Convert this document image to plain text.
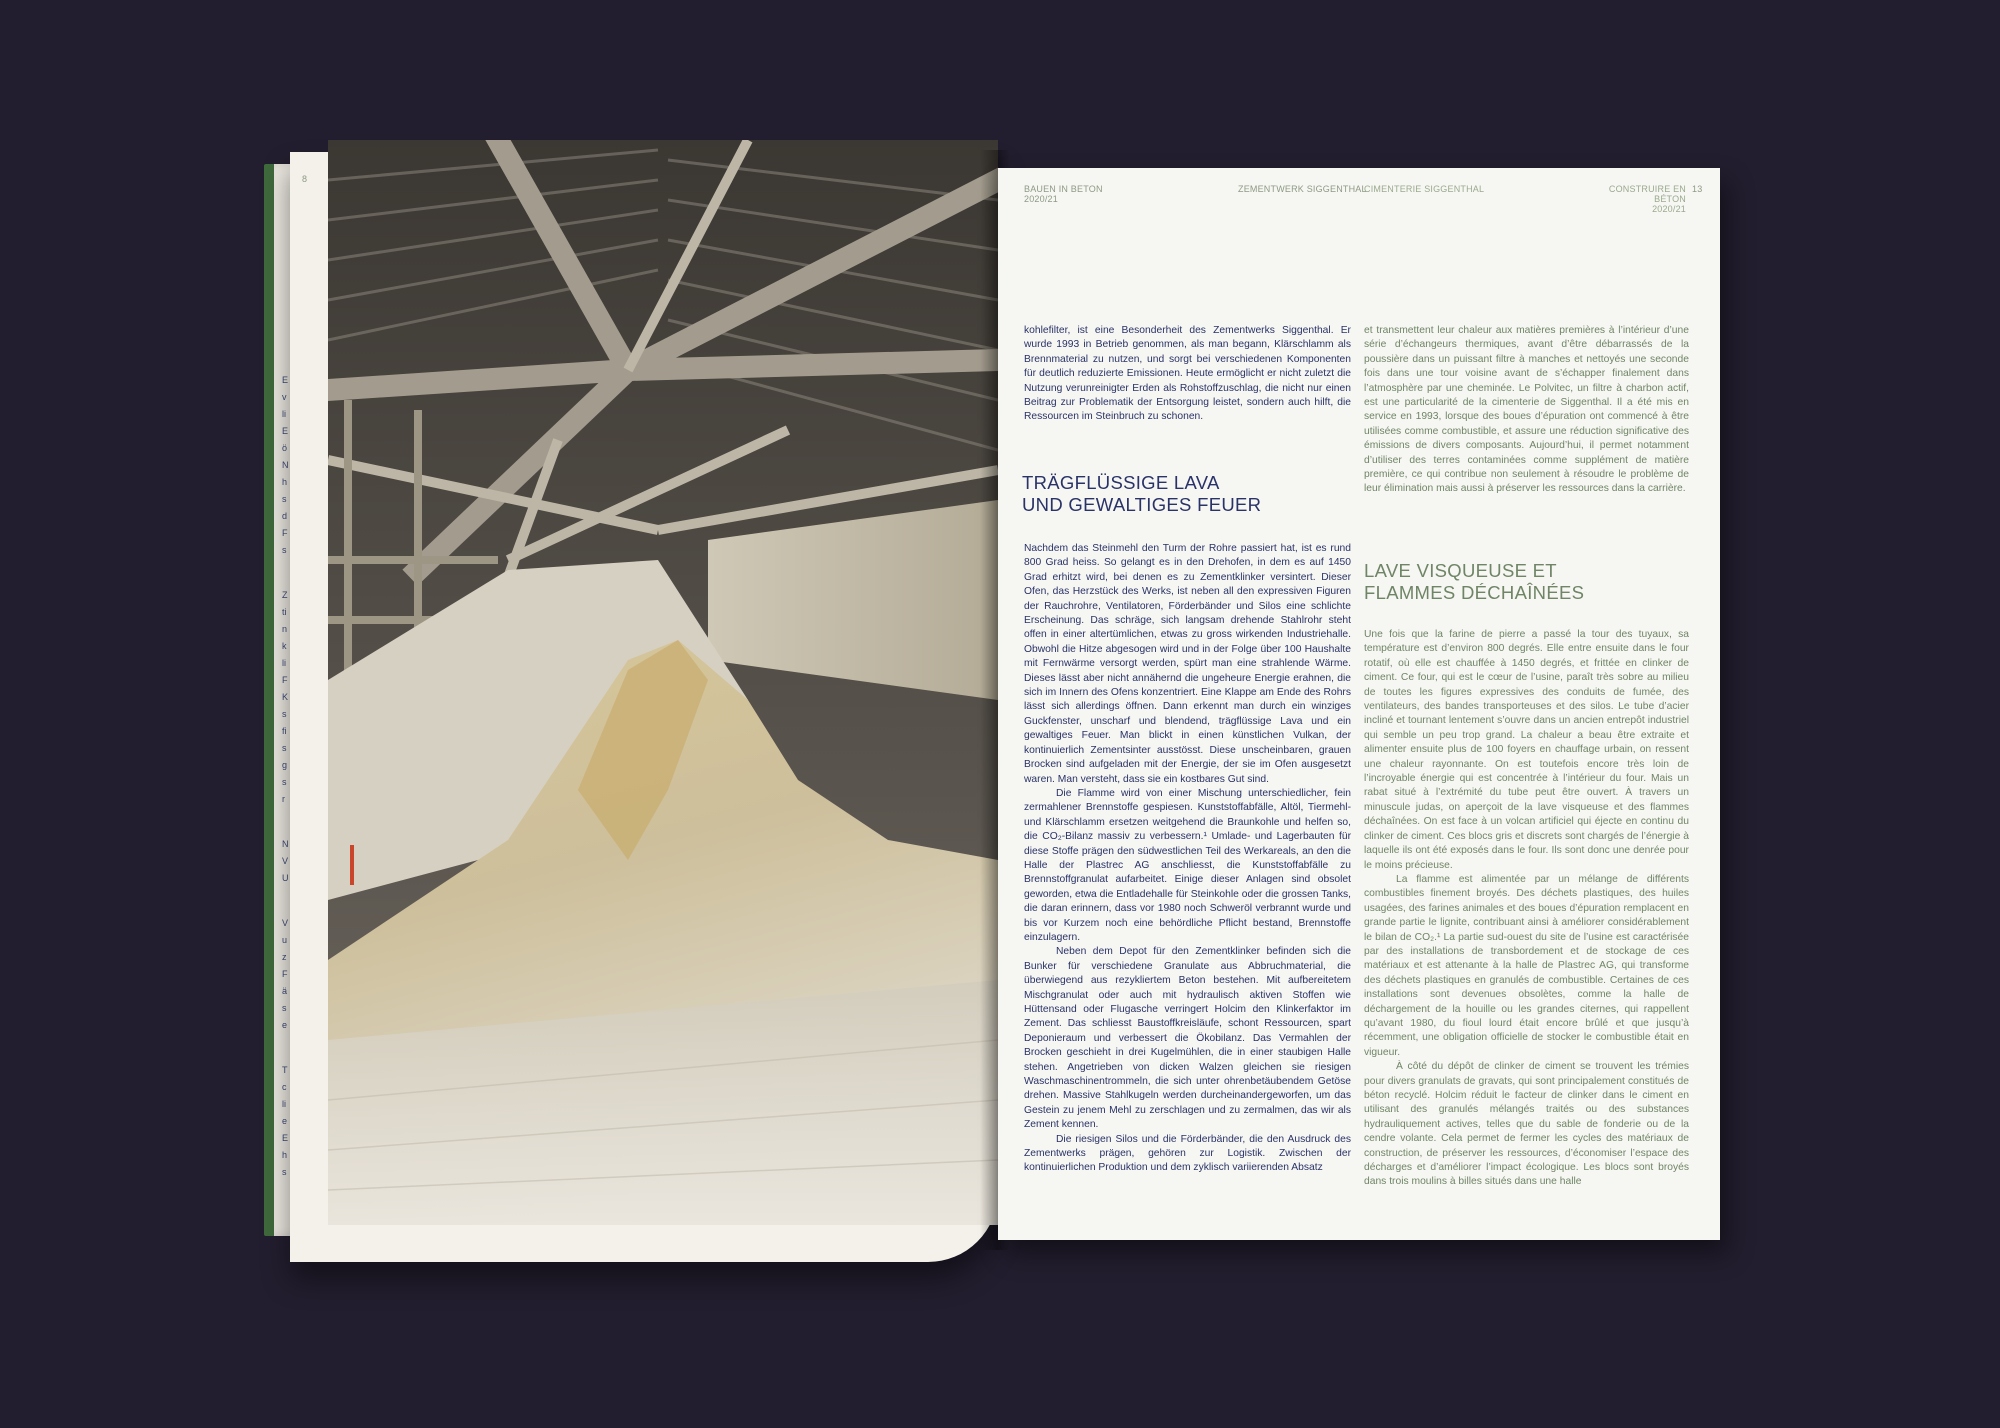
E
v
li
E
ö
N
h
s
d
F
s
Z
ti
n
k
li
F
K
s
fi
s
g
s
r
N
V
U
V
u
z
F
ä
s
e
T
c
li
e
E
h
s
BAUEN IN BETON
2020/21
ZEMENTWERK SIGGENTHAL
CIMENTERIE SIGGENTHAL	CONSTRUIRE EN BÉTON
2020/21
13

kohlefilter, ist eine Besonderheit des Zementwerks Siggenthal. Er wurde 1993 in Betrieb genommen, als man begann, Klärschlamm als Brennmaterial zu nutzen, und sorgt bei verschiedenen Komponenten für deutlich reduzierte Emissionen. Heute ermöglicht er nicht zuletzt die Nutzung verunreinigter Erden als Rohstoffzuschlag, die nicht nur einen Beitrag zur Problematik der Entsorgung leistet, sondern auch hilft, die Ressourcen im Steinbruch zu schonen.

TRÄGFLÜSSIGE LAVA
UND GEWALTIGES FEUER

Nachdem das Steinmehl den Turm der Rohre passiert hat, ist es rund 800 Grad heiss. So gelangt es in den Drehofen, in dem es auf 1450 Grad erhitzt wird, bei denen es zu Zementklinker versintert. Dieser Ofen, das Herzstück des Werks, ist neben all den expressiven Figuren der Rauchrohre, Ventilatoren, Förderbänder und Silos eine schlichte Erscheinung. Das schräge, sich langsam drehende Stahlrohr steht offen in einer altertümlichen, etwas zu gross wirkenden Industriehalle. Obwohl die Hitze abgesogen wird und in der Folge über 100 Haushalte mit Fernwärme versorgt werden, spürt man eine strahlende Wärme. Dieses lässt aber nicht annähernd die ungeheure Energie erahnen, die sich im Innern des Ofens konzentriert. Eine Klappe am Ende des Rohrs lässt sich allerdings öffnen. Dann erkennt man durch ein winziges Guckfenster, unscharf und blendend, trägflüssige Lava und ein gewaltiges Feuer. Man blickt in einen künstlichen Vulkan, der kontinuierlich Zementsinter ausstösst. Diese unscheinbaren, grauen Brocken sind aufgeladen mit der Energie, der sie im Ofen ausgesetzt waren. Man versteht, dass sie ein kostbares Gut sind.

Die Flamme wird von einer Mischung unterschiedlicher, fein zermahlener Brennstoffe gespiesen. Kunststoffabfälle, Altöl, Tiermehl- und Klärschlamm ersetzen weitgehend die Braunkohle und helfen so, die CO₂-Bilanz massiv zu verbessern.¹ Umlade- und Lagerbauten für diese Stoffe prägen den südwestlichen Teil des Werkareals, an den die Halle der Plastrec AG anschliesst, die Kunststoffabfälle zu Brennstoffgranulat aufarbeitet. Einige dieser Anlagen sind obsolet geworden, etwa die Entladehalle für Steinkohle oder die grossen Tanks, die daran erinnern, dass vor 1980 noch Schweröl verbrannt wurde und bis vor Kurzem noch eine behördliche Pflicht bestand, Brennstoffe einzulagern.

Neben dem Depot für den Zementklinker befinden sich die Bunker für verschiedene Granulate aus Abbruchmaterial, die überwiegend aus rezykliertem Beton bestehen. Mit aufbereitetem Mischgranulat oder auch mit hydraulisch aktiven Stoffen wie Hüttensand oder Flugasche verringert Holcim den Klinkerfaktor im Zement. Das schliesst Baustoffkreisläufe, schont Ressourcen, spart Deponieraum und verbessert die Ökobilanz. Das Vermahlen der Brocken geschieht in drei Kugelmühlen, die in einer staubigen Halle stehen. Angetrieben von dicken Walzen gleichen sie riesigen Waschmaschinentrommeln, die sich unter ohrenbetäubendem Getöse drehen. Massive Stahlkugeln werden durcheinandergeworfen, um das Gestein zu jenem Mehl zu zerschlagen und zu zermalmen, das wir als Zement kennen.

Die riesigen Silos und die Förderbänder, die den Ausdruck des Zementwerks prägen, gehören zur Logistik. Zwischen der kontinuierlichen Produktion und dem zyklisch variierenden Absatz

et transmettent leur chaleur aux matières premières à l’intérieur d’une série d’échangeurs thermiques, avant d’être débarrassés de la poussière dans un puissant filtre à manches et nettoyés une seconde fois dans une tour voisine avant de s’échapper finalement dans l’atmosphère par une cheminée. Le Polvitec, un filtre à charbon actif, est une particularité de la cimenterie de Siggenthal. Il a été mis en service en 1993, lorsque des boues d’épuration ont commencé à être utilisées comme combustible, et assure une réduction significative des émissions de divers composants. Aujourd’hui, il permet notamment d’utiliser des terres contaminées comme supplément de matière première, ce qui contribue non seulement à résoudre le problème de leur élimination mais aussi à préserver les ressources dans la carrière.

LAVE VISQUEUSE ET
FLAMMES DÉCHAÎNÉES

Une fois que la farine de pierre a passé la tour des tuyaux, sa température est d’environ 800 degrés. Elle entre ensuite dans le four rotatif, où elle est chauffée à 1450 degrés, et frittée en clinker de ciment. Ce four, qui est le cœur de l’usine, paraît très sobre au milieu de toutes les figures expressives des conduits de fumée, des ventilateurs, des bandes transporteuses et des silos. Le tube d’acier incliné et tournant lentement s’ouvre dans un ancien entrepôt industriel qui semble un peu trop grand. La chaleur a beau être extraite et alimenter ensuite plus de 100 foyers en chauffage urbain, on ressent une chaleur rayonnante. On est toutefois encore très loin de l’incroyable énergie qui est concentrée à l’intérieur du four. Mais un rabat situé à l’extrémité du tube peut être ouvert. À travers un minuscule judas, on aperçoit de la lave visqueuse et des flammes déchaînées. On est face à un volcan artificiel qui éjecte en continu du clinker de ciment. Ces blocs gris et discrets sont chargés de l’énergie à laquelle ils ont été exposés dans le four. Ils sont donc une denrée pour le moins précieuse.

La flamme est alimentée par un mélange de différents combustibles finement broyés. Des déchets plastiques, des huiles usagées, des farines animales et des boues d’épuration remplacent en grande partie le lignite, contribuant ainsi à améliorer considérablement le bilan de CO₂.¹ La partie sud-ouest du site de l’usine est caractérisée par des installations de transbordement et de stockage de ces matériaux et est attenante à la halle de Plastrec AG, qui transforme des déchets plastiques en granulés de combustible. Certaines de ces installations sont devenues obsolètes, comme la halle de déchargement de la houille ou les grandes citernes, qui rappellent qu’avant 1980, du fioul lourd était encore brûlé et que jusqu’à récemment, une obligation officielle de stocker le combustible était en vigueur.

À côté du dépôt de clinker de ciment se trouvent les trémies pour divers granulats de gravats, qui sont principalement constitués de béton recyclé. Holcim réduit le facteur de clinker dans le ciment en utilisant des granulés mélangés traités ou des substances hydrauliquement actives, telles que du sable de fonderie ou de la cendre volante. Cela permet de fermer les cycles des matériaux de construction, de préserver les ressources, d’économiser l’espace des décharges et d’améliorer l’impact écologique. Les blocs sont broyés dans trois moulins à billes situés dans une halle

8
